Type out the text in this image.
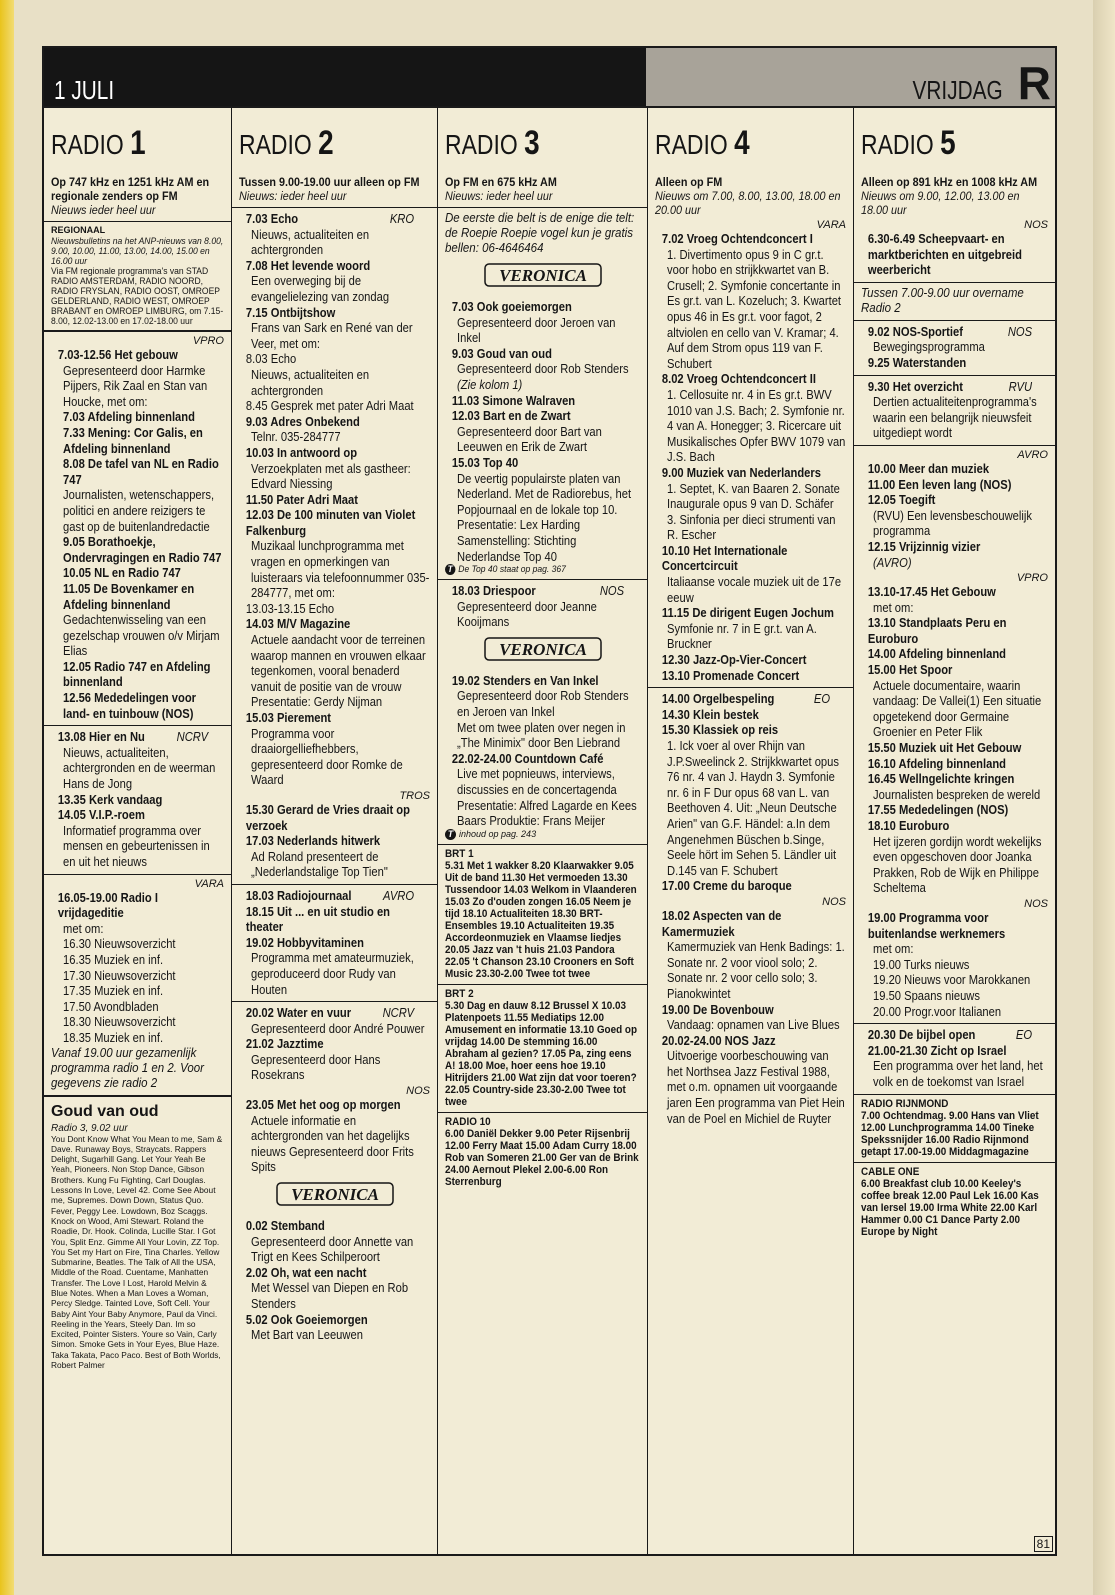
1 JULI	VRIJDAG R
RADIO 1
Op 747 kHz en 1251 kHz AM en regionale zenders op FM
Nieuws ieder heel uur
REGIONAAL
Nieuwsbulletins na het ANP-nieuws van 8.00, 9.00, 10.00, 11.00, 13.00, 14.00, 15.00 en 16.00 uur
Via FM regionale programma's van STAD RADIO AMSTERDAM, RADIO NOORD, RADIO FRYSLAN, RADIO OOST, OMROEP GELDERLAND, RADIO WEST, OMROEP BRABANT en OMROEP LIMBURG, om 7.15-8.00, 12.02-13.00 en 17.02-18.00 uur
VPRO
7.03-12.56 Het gebouw
Gepresenteerd door Harmke Pijpers, Rik Zaal en Stan van Houcke, met om:
7.03 Afdeling binnenland
7.33 Mening: Cor Galis, en Afdeling binnenland
8.08 De tafel van NL en Radio 747
Journalisten, wetenschappers, politici en andere reizigers te gast op de buitenlandredactie
9.05 Borathoekje, Ondervragingen en Radio 747
10.05 NL en Radio 747
11.05 De Bovenkamer en Afdeling binnenland
Gedachtenwisseling van een gezelschap vrouwen o/v Mirjam Elias
12.05 Radio 747 en Afdeling binnenland
12.56 Mededelingen voor land- en tuinbouw (NOS)
13.08 Hier en Nu NCRV
Nieuws, actualiteiten, achtergronden en de weerman Hans de Jong
13.35 Kerk vandaag
14.05 V.I.P.-roem
Informatief programma over mensen en gebeurtenissen in en uit het nieuws
VARA
16.05-19.00 Radio I vrijdageditie
met om:
16.30 Nieuwsoverzicht
16.35 Muziek en inf.
17.30 Nieuwsoverzicht
17.35 Muziek en inf.
17.50 Avondbladen
18.30 Nieuwsoverzicht
18.35 Muziek en inf.
Vanaf 19.00 uur gezamenlijk programma radio 1 en 2. Voor gegevens zie radio 2
Goud van oud
Radio 3, 9.02 uur
You Dont Know What You Mean to me, Sam & Dave. Runaway Boys, Straycats. Rappers Delight, Sugarhill Gang. Let Your Yeah Be Yeah, Pioneers. Non Stop Dance, Gibson Brothers. Kung Fu Fighting, Carl Douglas. Lessons In Love, Level 42. Come See About me, Supremes. Down Down, Status Quo. Fever, Peggy Lee. Lowdown, Boz Scaggs. Knock on Wood, Ami Stewart. Roland the Roadie, Dr. Hook. Colinda, Lucille Star. I Got You, Split Enz. Gimme All Your Lovin, ZZ Top. You Set my Hart on Fire, Tina Charles. Yellow Submarine, Beatles. The Talk of All the USA, Middle of the Road. Cuentame, Manhatten Transfer. The Love I Lost, Harold Melvin & Blue Notes. When a Man Loves a Woman, Percy Sledge. Tainted Love, Soft Cell. Your Baby Aint Your Baby Anymore, Paul da Vinci. Reeling in the Years, Steely Dan. Im so Excited, Pointer Sisters. Youre so Vain, Carly Simon. Smoke Gets in Your Eyes, Blue Haze. Taka Takata, Paco Paco. Best of Both Worlds, Robert Palmer
RADIO 2
Tussen 9.00-19.00 uur alleen op FM
Nieuws: ieder heel uur
7.03 Echo	KRO
Nieuws, actualiteiten en achtergronden
7.08 Het levende woord
Een overweging bij de evangelielezing van zondag
7.15 Ontbijtshow
Frans van Sark en René van der Veer, met om:
8.03 Echo
Nieuws, actualiteiten en achtergronden
8.45 Gesprek met pater Adri Maat
9.03 Adres Onbekend
Telnr. 035-284777
10.03 In antwoord op
Verzoekplaten met als gastheer: Edvard Niessing
11.50 Pater Adri Maat
12.03 De 100 minuten van Violet Falkenburg
Muzikaal lunchprogramma met vragen en opmerkingen van luisteraars via telefoonnummer 035-284777, met om:
13.03-13.15 Echo
14.03 M/V Magazine
Actuele aandacht voor de terreinen waarop mannen en vrouwen elkaar tegenkomen, vooral benaderd vanuit de positie van de vrouw Presentatie: Gerdy Nijman
15.03 Pierement
Programma voor draaiorgelliefhebbers, gepresenteerd door Romke de Waard
TROS
15.30 Gerard de Vries draait op verzoek
17.03 Nederlands hitwerk
Ad Roland presenteert de „Nederlandstalige Top Tien"
18.03 Radiojournaal AVRO
18.15 Uit ... en uit studio en theater
19.02 Hobbyvitaminen
Programma met amateurmuziek, geproduceerd door Rudy van Houten
20.02 Water en vuur NCRV
Gepresenteerd door André Pouwer
21.02 Jazztime
Gepresenteerd door Hans Rosekrans
NOS
23.05 Met het oog op morgen
Actuele informatie en achtergronden van het dagelijks nieuws Gepresenteerd door Frits Spits
VERONICA
0.02 Stemband
Gepresenteerd door Annette van Trigt en Kees Schilperoort
2.02 Oh, wat een nacht
Met Wessel van Diepen en Rob Stenders
5.02 Ook Goeiemorgen
Met Bart van Leeuwen
RADIO 3
Op FM en 675 kHz AM
Nieuws: ieder heel uur
De eerste die belt is de enige die telt: de Roepie Roepie vogel kun je gratis bellen: 06-4646464
VERONICA
7.03 Ook goeiemorgen
Gepresenteerd door Jeroen van Inkel
9.03 Goud van oud
Gepresenteerd door Rob Stenders
(Zie kolom 1)
11.03 Simone Walraven
12.03 Bart en de Zwart
Gepresenteerd door Bart van Leeuwen en Erik de Zwart
15.03 Top 40
De veertig populairste platen van Nederland. Met de Radiorebus, het Popjournaal en de lokale top 10. Presentatie: Lex Harding Samenstelling: Stichting Nederlandse Top 40
T De Top 40 staat op pag. 367
18.03 Driespoor	NOS
Gepresenteerd door Jeanne Kooijmans
VERONICA
19.02 Stenders en Van Inkel
Gepresenteerd door Rob Stenders en Jeroen van Inkel
Met om twee platen over negen in „The Minimix" door Ben Liebrand
22.02-24.00 Countdown Café
Live met popnieuws, interviews, discussies en de concertagenda Presentatie: Alfred Lagarde en Kees Baars Produktie: Frans Meijer
T inhoud op pag. 243
BRT 1
5.31 Met 1 wakker 8.20 Klaarwakker 9.05 Uit de band 11.30 Het vermoeden 13.30 Tussendoor 14.03 Welkom in Vlaanderen 15.03 Zo d'ouden zongen 16.05 Neem je tijd 18.10 Actualiteiten 18.30 BRT-Ensembles 19.10 Actualiteiten 19.35 Accordeonmuziek en Vlaamse liedjes 20.05 Jazz van 't huis 21.03 Pandora 22.05 't Chanson 23.10 Crooners en Soft Music 23.30-2.00 Twee tot twee
BRT 2
5.30 Dag en dauw 8.12 Brussel X 10.03 Platenpoets 11.55 Mediatips 12.00 Amusement en informatie 13.10 Goed op vrijdag 14.00 De stemming 16.00 Abraham al gezien? 17.05 Pa, zing eens A! 18.00 Moe, hoer eens hoe 19.10 Hitrijders 21.00 Wat zijn dat voor toeren? 22.05 Country-side 23.30-2.00 Twee tot twee
RADIO 10
6.00 Daniël Dekker 9.00 Peter Rijsenbrij 12.00 Ferry Maat 15.00 Adam Curry 18.00 Rob van Someren 21.00 Ger van de Brink 24.00 Aernout Plekel 2.00-6.00 Ron Sterrenburg
RADIO 4
Alleen op FM
Nieuws om 7.00, 8.00, 13.00, 18.00 en 20.00 uur
VARA
7.02 Vroeg Ochtendconcert I
1. Divertimento opus 9 in C gr.t. voor hobo en strijkkwartet van B. Crusell; 2. Symfonie concertante in Es gr.t. van L. Kozeluch; 3. Kwartet opus 46 in Es gr.t. voor fagot, 2 altviolen en cello van V. Kramar; 4. Auf dem Strom opus 119 van F. Schubert
8.02 Vroeg Ochtendconcert II
1. Cellosuite nr. 4 in Es gr.t. BWV 1010 van J.S. Bach; 2. Symfonie nr. 4 van A. Honegger; 3. Ricercare uit Musikalisches Opfer BWV 1079 van J.S. Bach
9.00 Muziek van Nederlanders
1. Septet, K. van Baaren 2. Sonate Inaugurale opus 9 van D. Schäfer 3. Sinfonia per dieci strumenti van R. Escher
10.10 Het Internationale Concertcircuit
Italiaanse vocale muziek uit de 17e eeuw
11.15 De dirigent Eugen Jochum
Symfonie nr. 7 in E gr.t. van A. Bruckner
12.30 Jazz-Op-Vier-Concert
13.10 Promenade Concert
14.00 Orgelbespeling	EO
14.30 Klein bestek
15.30 Klassiek op reis
1. Ick voer al over Rhijn van J.P.Sweelinck 2. Strijkkwartet opus 76 nr. 4 van J. Haydn 3. Symfonie nr. 6 in F Dur opus 68 van L. van Beethoven 4. Uit: „Neun Deutsche Arien" van G.F. Händel: a.In dem Angenehmen Büschen b.Singe, Seele hört im Sehen 5. Ländler uit D.145 van F. Schubert
17.00 Creme du baroque
NOS
18.02 Aspecten van de Kamermuziek
Kamermuziek van Henk Badings: 1. Sonate nr. 2 voor viool solo; 2. Sonate nr. 2 voor cello solo; 3. Pianokwintet
19.00 De Bovenbouw
Vandaag: opnamen van Live Blues
20.02-24.00 NOS Jazz
Uitvoerige voorbeschouwing van het Northsea Jazz Festival 1988, met o.m. opnamen uit voorgaande jaren Een programma van Piet Hein van de Poel en Michiel de Ruyter
RADIO 5
Alleen op 891 kHz en 1008 kHz AM
Nieuws om 9.00, 12.00, 13.00 en 18.00 uur
NOS
6.30-6.49 Scheepvaart- en marktberichten en uitgebreid weerbericht
Tussen 7.00-9.00 uur overname Radio 2
9.02 NOS-Sportief	NOS
Bewegingsprogramma
9.25 Waterstanden
9.30 Het overzicht	RVU
Dertien actualiteitenprogramma's waarin een belangrijk nieuwsfeit uitgediept wordt
AVRO
10.00 Meer dan muziek
11.00 Een leven lang (NOS)
12.05 Toegift
(RVU) Een levensbeschouwelijk programma
12.15 Vrijzinnig vizier
(AVRO)
VPRO
13.10-17.45 Het Gebouw
met om:
13.10 Standplaats Peru en Euroburo
14.00 Afdeling binnenland
15.00 Het Spoor
Actuele documentaire, waarin vandaag: De Vallei(1) Een situatie opgetekend door Germaine Groenier en Peter Flik
15.50 Muziek uit Het Gebouw
16.10 Afdeling binnenland
16.45 Wellngelichte kringen
Journalisten bespreken de wereld
17.55 Mededelingen (NOS)
18.10 Euroburo
Het ijzeren gordijn wordt wekelijks even opgeschoven door Joanka Prakken, Rob de Wijk en Philippe Scheltema
NOS
19.00 Programma voor buitenlandse werknemers
met om:
19.00 Turks nieuws
19.20 Nieuws voor Marokkanen
19.50 Spaans nieuws
20.00 Progr.voor Italianen
20.30 De bijbel open	EO
21.00-21.30 Zicht op Israel
Een programma over het land, het volk en de toekomst van Israel
RADIO RIJNMOND
7.00 Ochtendmag. 9.00 Hans van Vliet 12.00 Lunchprogramma 14.00 Tineke Spekssnijder 16.00 Radio Rijnmond getapt 17.00-19.00 Middagmagazine
CABLE ONE
6.00 Breakfast club 10.00 Keeley's coffee break 12.00 Paul Lek 16.00 Kas van Iersel 19.00 Irma White 22.00 Karl Hammer 0.00 C1 Dance Party 2.00 Europe by Night
81
